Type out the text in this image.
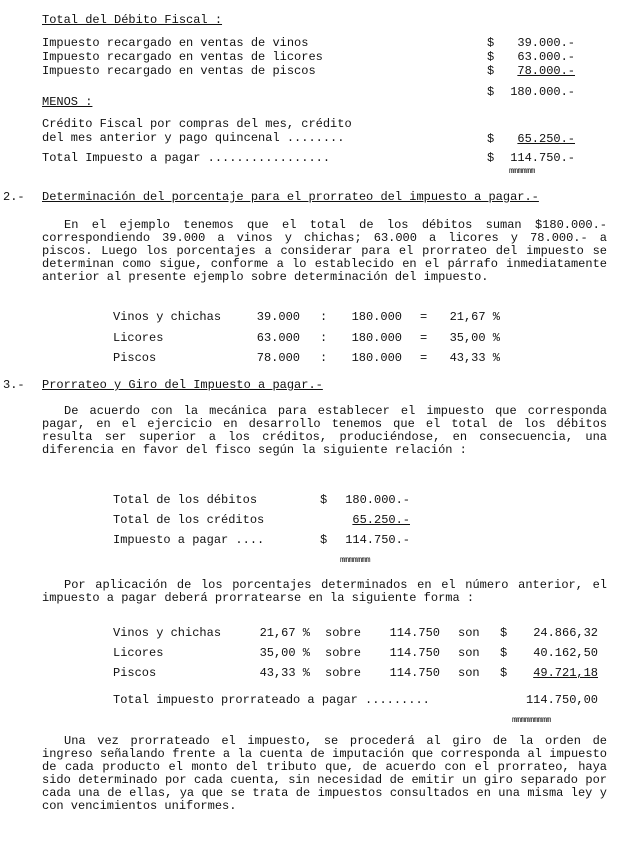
Total del Débito Fiscal :
Impuesto recargado en ventas de vinos	$	39.000.-
Impuesto recargado en ventas de licores	$	63.000.-
Impuesto recargado en ventas de piscos	$	78.000.-
$	180.000.-
MENOS :
Crédito Fiscal por compras del mes, crédito
del mes anterior y pago quincenal ........	$	65.250.-
Total Impuesto a pagar .................	$	114.750.-
mmmmmm
2.- Determinación del porcentaje para el prorrateo del impuesto a pagar.-
En el ejemplo tenemos que el total de los débitos suman $180.000.- correspondiendo 39.000 a vinos y chichas; 63.000 a licores y 78.000.- a piscos. Luego los porcentajes a considerar para el prorrateo del impuesto se determinan como sigue, conforme a lo establecido en el párrafo inmediatamente anterior al presente ejemplo sobre determinación del impuesto.
Vinos y chichas	39.000 :	180.000 =	21,67 %
Licores	63.000 :	180.000 =	35,00 %
Piscos	78.000 :	180.000 =	43,33 %
3.- Prorrateo y Giro del Impuesto a pagar.-
De acuerdo con la mecánica para establecer el impuesto que corresponda pagar, en el ejercicio en desarrollo tenemos que el total de los débitos resulta ser superior a los créditos, produciéndose, en consecuencia, una diferencia en favor del fisco según la siguiente relación :
Total de los débitos	$	180.000.-
Total de los créditos	65.250.-
Impuesto a pagar ....	$	114.750.-
mmmmmmm
Por aplicación de los porcentajes determinados en el número anterior, el impuesto a pagar deberá prorratearse en la siguiente forma :
Vinos y chichas	21,67 % sobre	114.750 son $	24.866,32
Licores	35,00 % sobre	114.750 son $	40.162,50
Piscos	43,33 % sobre	114.750 son $	49.721,18
Total impuesto prorrateado a pagar .........	114.750,00
mmmmmmmmm
Una vez prorrateado el impuesto, se procederá al giro de la orden de ingreso señalando frente a la cuenta de imputación que corresponda al impuesto de cada producto el monto del tributo que, de acuerdo con el prorrateo, haya sido determinado por cada cuenta, sin necesidad de emitir un giro separado por cada una de ellas, ya que se trata de impuestos consultados en una misma ley y con vencimientos uniformes.
